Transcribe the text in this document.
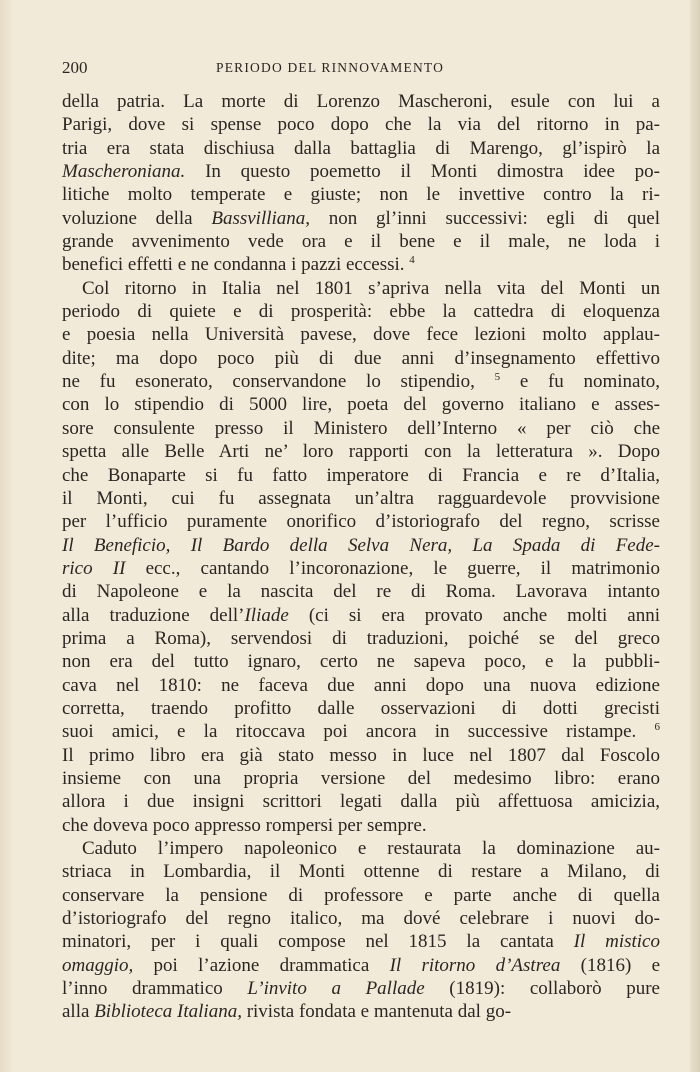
200	PERIODO DEL RINNOVAMENTO
della patria. La morte di Lorenzo Mascheroni, esule con lui a
Parigi, dove si spense poco dopo che la via del ritorno in pa-
tria era stata dischiusa dalla battaglia di Marengo, gl’ispirò la
Mascheroniana. In questo poemetto il Monti dimostra idee po-
litiche molto temperate e giuste; non le invettive contro la ri-
voluzione della Bassvilliana, non gl’inni successivi: egli di quel
grande avvenimento vede ora e il bene e il male, ne loda i
benefici effetti e ne condanna i pazzi eccessi. $^4$
Col ritorno in Italia nel 1801 s’apriva nella vita del Monti un
periodo di quiete e di prosperità: ebbe la cattedra di eloquenza
e poesia nella Università pavese, dove fece lezioni molto applau-
dite; ma dopo poco più di due anni d’insegnamento effettivo
ne fu esonerato, conservandone lo stipendio, $^5$ e fu nominato,
con lo stipendio di 5000 lire, poeta del governo italiano e asses-
sore consulente presso il Ministero dell’Interno « per ciò che
spetta alle Belle Arti ne’ loro rapporti con la letteratura ». Dopo
che Bonaparte si fu fatto imperatore di Francia e re d’Italia,
il Monti, cui fu assegnata un’altra ragguardevole provvisione
per l’ufficio puramente onorifico d’istoriografo del regno, scrisse
Il Beneficio, Il Bardo della Selva Nera, La Spada di Fede-
rico II ecc., cantando l’incoronazione, le guerre, il matrimonio
di Napoleone e la nascita del re di Roma. Lavorava intanto
alla traduzione dell’Iliade (ci si era provato anche molti anni
prima a Roma), servendosi di traduzioni, poiché se del greco
non era del tutto ignaro, certo ne sapeva poco, e la pubbli-
cava nel 1810: ne faceva due anni dopo una nuova edizione
corretta, traendo profitto dalle osservazioni di dotti grecisti
suoi amici, e la ritoccava poi ancora in successive ristampe. $^6$
Il primo libro era già stato messo in luce nel 1807 dal Foscolo
insieme con una propria versione del medesimo libro: erano
allora i due insigni scrittori legati dalla più affettuosa amicizia,
che doveva poco appresso rompersi per sempre.
Caduto l’impero napoleonico e restaurata la dominazione au-
striaca in Lombardia, il Monti ottenne di restare a Milano, di
conservare la pensione di professore e parte anche di quella
d’istoriografo del regno italico, ma dové celebrare i nuovi do-
minatori, per i quali compose nel 1815 la cantata Il mistico
omaggio, poi l’azione drammatica Il ritorno d’Astrea (1816) e
l’inno drammatico L’invito a Pallade (1819): collaborò pure
alla Biblioteca Italiana, rivista fondata e mantenuta dal go-
